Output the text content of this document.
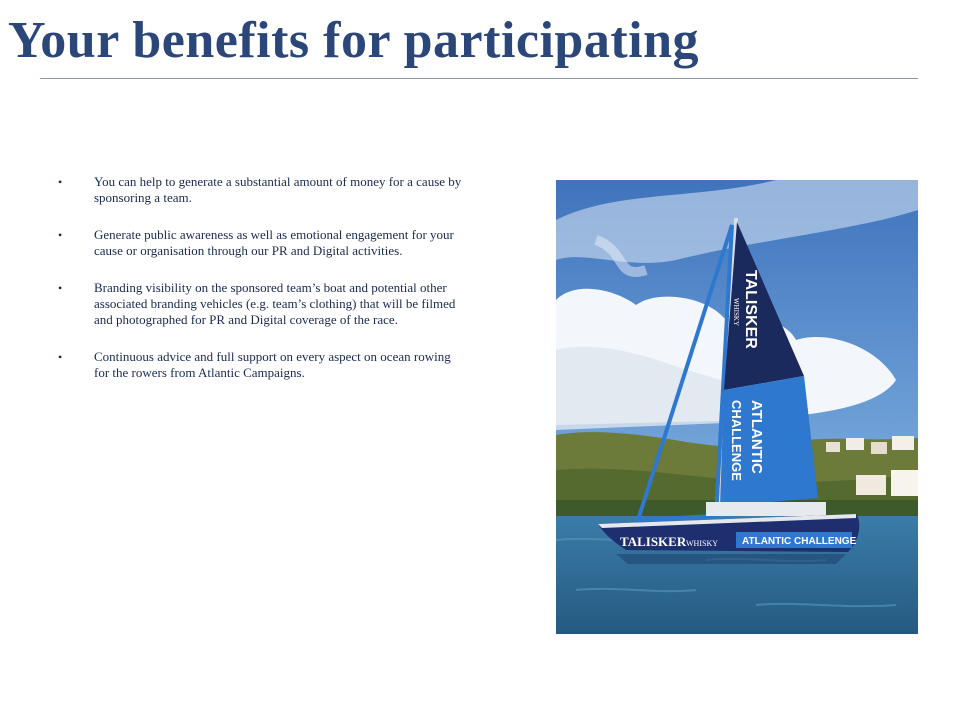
Your benefits for participating
• You can help to generate a substantial amount of money for a cause by sponsoring a team.
• Generate public awareness as well as emotional engagement for your cause or organisation through our PR and Digital activities.
• Branding visibility on the sponsored team’s boat and potential other associated branding vehicles (e.g. team’s clothing) that will be filmed and photographed for PR and Digital coverage of the race.
• Continuous advice and full support on every aspect on ocean rowing for the rowers from Atlantic Campaigns.
TALISKER
WHISKY
ATLANTIC
CHALLENGE
TALISKER WHISKY ATLANTIC CHALLENGE
